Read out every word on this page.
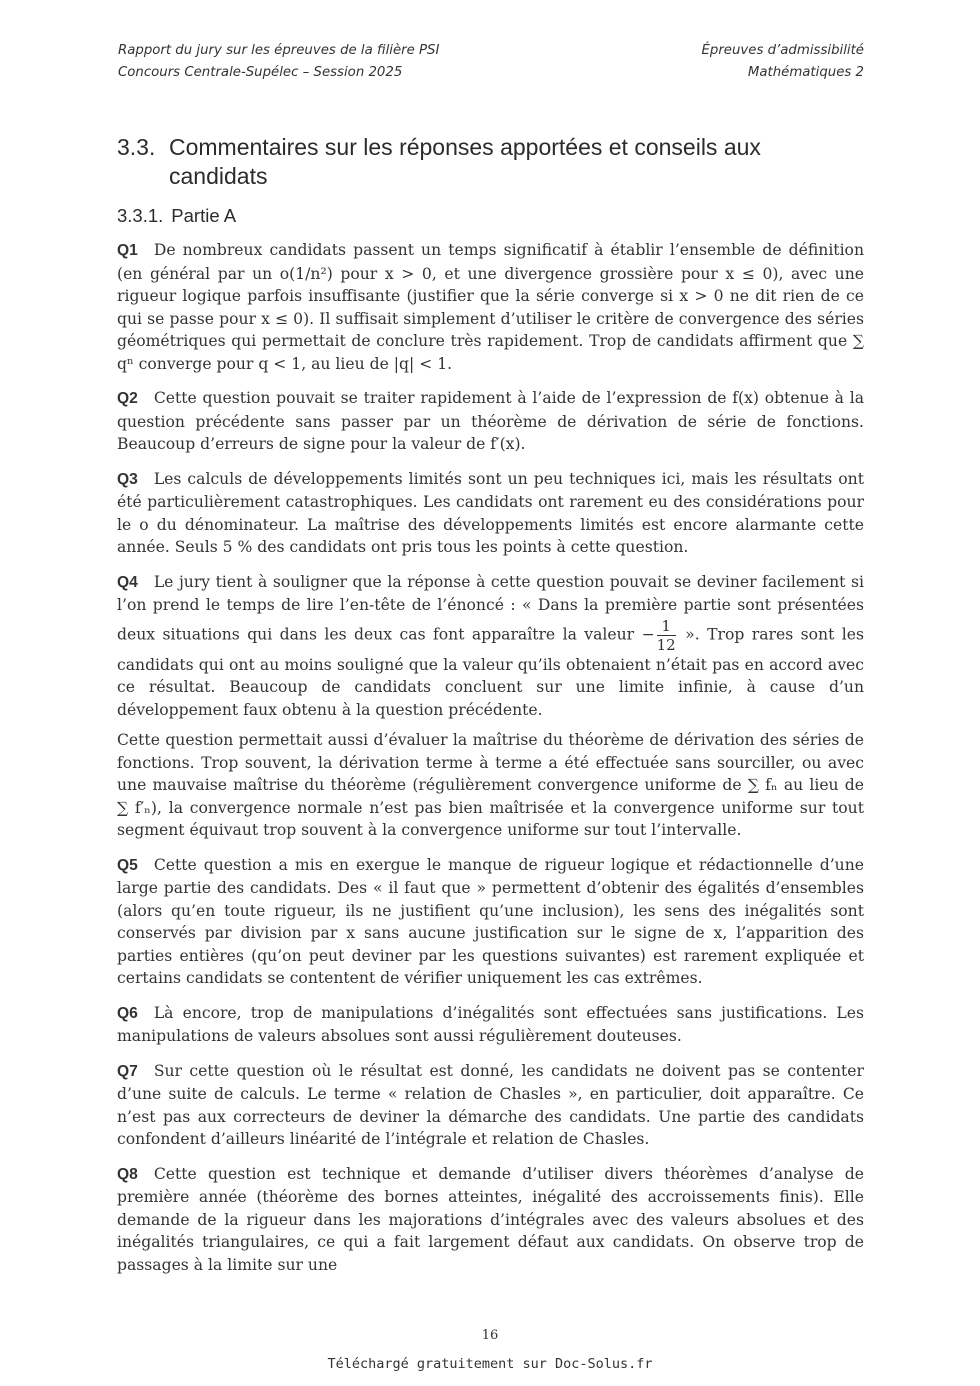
Rapport du jury sur les épreuves de la filière PSI
Concours Centrale-Supélec – Session 2025
Épreuves d’admissibilité
Mathématiques 2
3.3. Commentaires sur les réponses apportées et conseils aux candidats
3.3.1. Partie A

Q1 De nombreux candidats passent un temps significatif à établir l’ensemble de définition (en général par un o(1/n²) pour x > 0, et une divergence grossière pour x ≤ 0), avec une rigueur logique parfois insuffisante (justifier que la série converge si x > 0 ne dit rien de ce qui se passe pour x ≤ 0). Il suffisait simplement d’utiliser le critère de convergence des séries géométriques qui permettait de conclure très rapidement. Trop de candidats affirment que ∑ qⁿ converge pour q < 1, au lieu de |q| < 1.

Q2 Cette question pouvait se traiter rapidement à l’aide de l’expression de f(x) obtenue à la question précédente sans passer par un théorème de dérivation de série de fonctions. Beaucoup d’erreurs de signe pour la valeur de f′(x).

Q3 Les calculs de développements limités sont un peu techniques ici, mais les résultats ont été particulièrement catastrophiques. Les candidats ont rarement eu des considérations pour le o du dénominateur. La maîtrise des développements limités est encore alarmante cette année. Seuls 5 % des candidats ont pris tous les points à cette question.

Q4 Le jury tient à souligner que la réponse à cette question pouvait se deviner facilement si l’on prend le temps de lire l’en-tête de l’énoncé : « Dans la première partie sont présentées deux situations qui dans les deux cas font apparaître la valeur − $\frac{1}{12}$ ». Trop rares sont les candidats qui ont au moins souligné que la valeur qu’ils obtenaient n’était pas en accord avec ce résultat. Beaucoup de candidats concluent sur une limite infinie, à cause d’un développement faux obtenu à la question précédente.

Cette question permettait aussi d’évaluer la maîtrise du théorème de dérivation des séries de fonctions. Trop souvent, la dérivation terme à terme a été effectuée sans sourciller, ou avec une mauvaise maîtrise du théorème (régulièrement convergence uniforme de ∑ fₙ au lieu de ∑ f′ₙ), la convergence normale n’est pas bien maîtrisée et la convergence uniforme sur tout segment équivaut trop souvent à la convergence uniforme sur tout l’intervalle.

Q5 Cette question a mis en exergue le manque de rigueur logique et rédactionnelle d’une large partie des candidats. Des « il faut que » permettent d’obtenir des égalités d’ensembles (alors qu’en toute rigueur, ils ne justifient qu’une inclusion), les sens des inégalités sont conservés par division par x sans aucune justification sur le signe de x, l’apparition des parties entières (qu’on peut deviner par les questions suivantes) est rarement expliquée et certains candidats se contentent de vérifier uniquement les cas extrêmes.

Q6 Là encore, trop de manipulations d’inégalités sont effectuées sans justifications. Les manipulations de valeurs absolues sont aussi régulièrement douteuses.

Q7 Sur cette question où le résultat est donné, les candidats ne doivent pas se contenter d’une suite de calculs. Le terme « relation de Chasles », en particulier, doit apparaître. Ce n’est pas aux correcteurs de deviner la démarche des candidats. Une partie des candidats confondent d’ailleurs linéarité de l’intégrale et relation de Chasles.

Q8 Cette question est technique et demande d’utiliser divers théorèmes d’analyse de première année (théorème des bornes atteintes, inégalité des accroissements finis). Elle demande de la rigueur dans les majorations d’intégrales avec des valeurs absolues et des inégalités triangulaires, ce qui a fait largement défaut aux candidats. On observe trop de passages à la limite sur une

16
Téléchargé gratuitement sur Doc-Solus.fr
